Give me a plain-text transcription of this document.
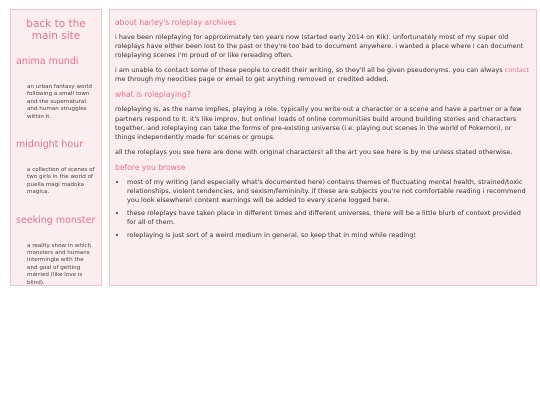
back to the main site
anima mundi
an urban fantasy world following a small town and the supernatural and human struggles within it.
midnight hour
a collection of scenes of two girls in the world of puella magi madoka magica.
seeking monster
a reality show in which monsters and humans intermingle with the end goal of getting married (like love is blind).
about harley's roleplay archives

i have been roleplaying for approximately ten years now (started early 2014 on Kik). unfortunately most of my super old roleplays have either been lost to the past or they're too bad to document anywhere. i wanted a place where i can document roleplaying scenes i'm proud of or like rereading often.

i am unable to contact some of these people to credit their writing, so they'll all be given pseudonyms. you can always contact me through my neocities page or email to get anything removed or credited added.

what is roleplaying?

roleplaying is, as the name implies, playing a role. typically you write out a character or a scene and have a partner or a few partners respond to it. it's like improv, but online! loads of online communities build around building stories and characters together, and roleplaying can take the forms of pre-existing universe (i.e. playing out scenes in the world of Pokemon), or things independently made for scenes or groups.

all the roleplays you see here are done with original characters! all the art you see here is by me unless stated otherwise.

before you browse
• most of my writing (and especially what's documented here) contains themes of fluctuating mental health, strained/toxic relationships, violent tendencies, and sexism/femininity. if these are subjects you're not comfortable reading i recommend you look elsewhere! content warnings will be added to every scene logged here.
• these roleplays have taken place in different times and different universes. there will be a little blurb of context provided for all of them.
• roleplaying is just sort of a weird medium in general, so keep that in mind while reading!
